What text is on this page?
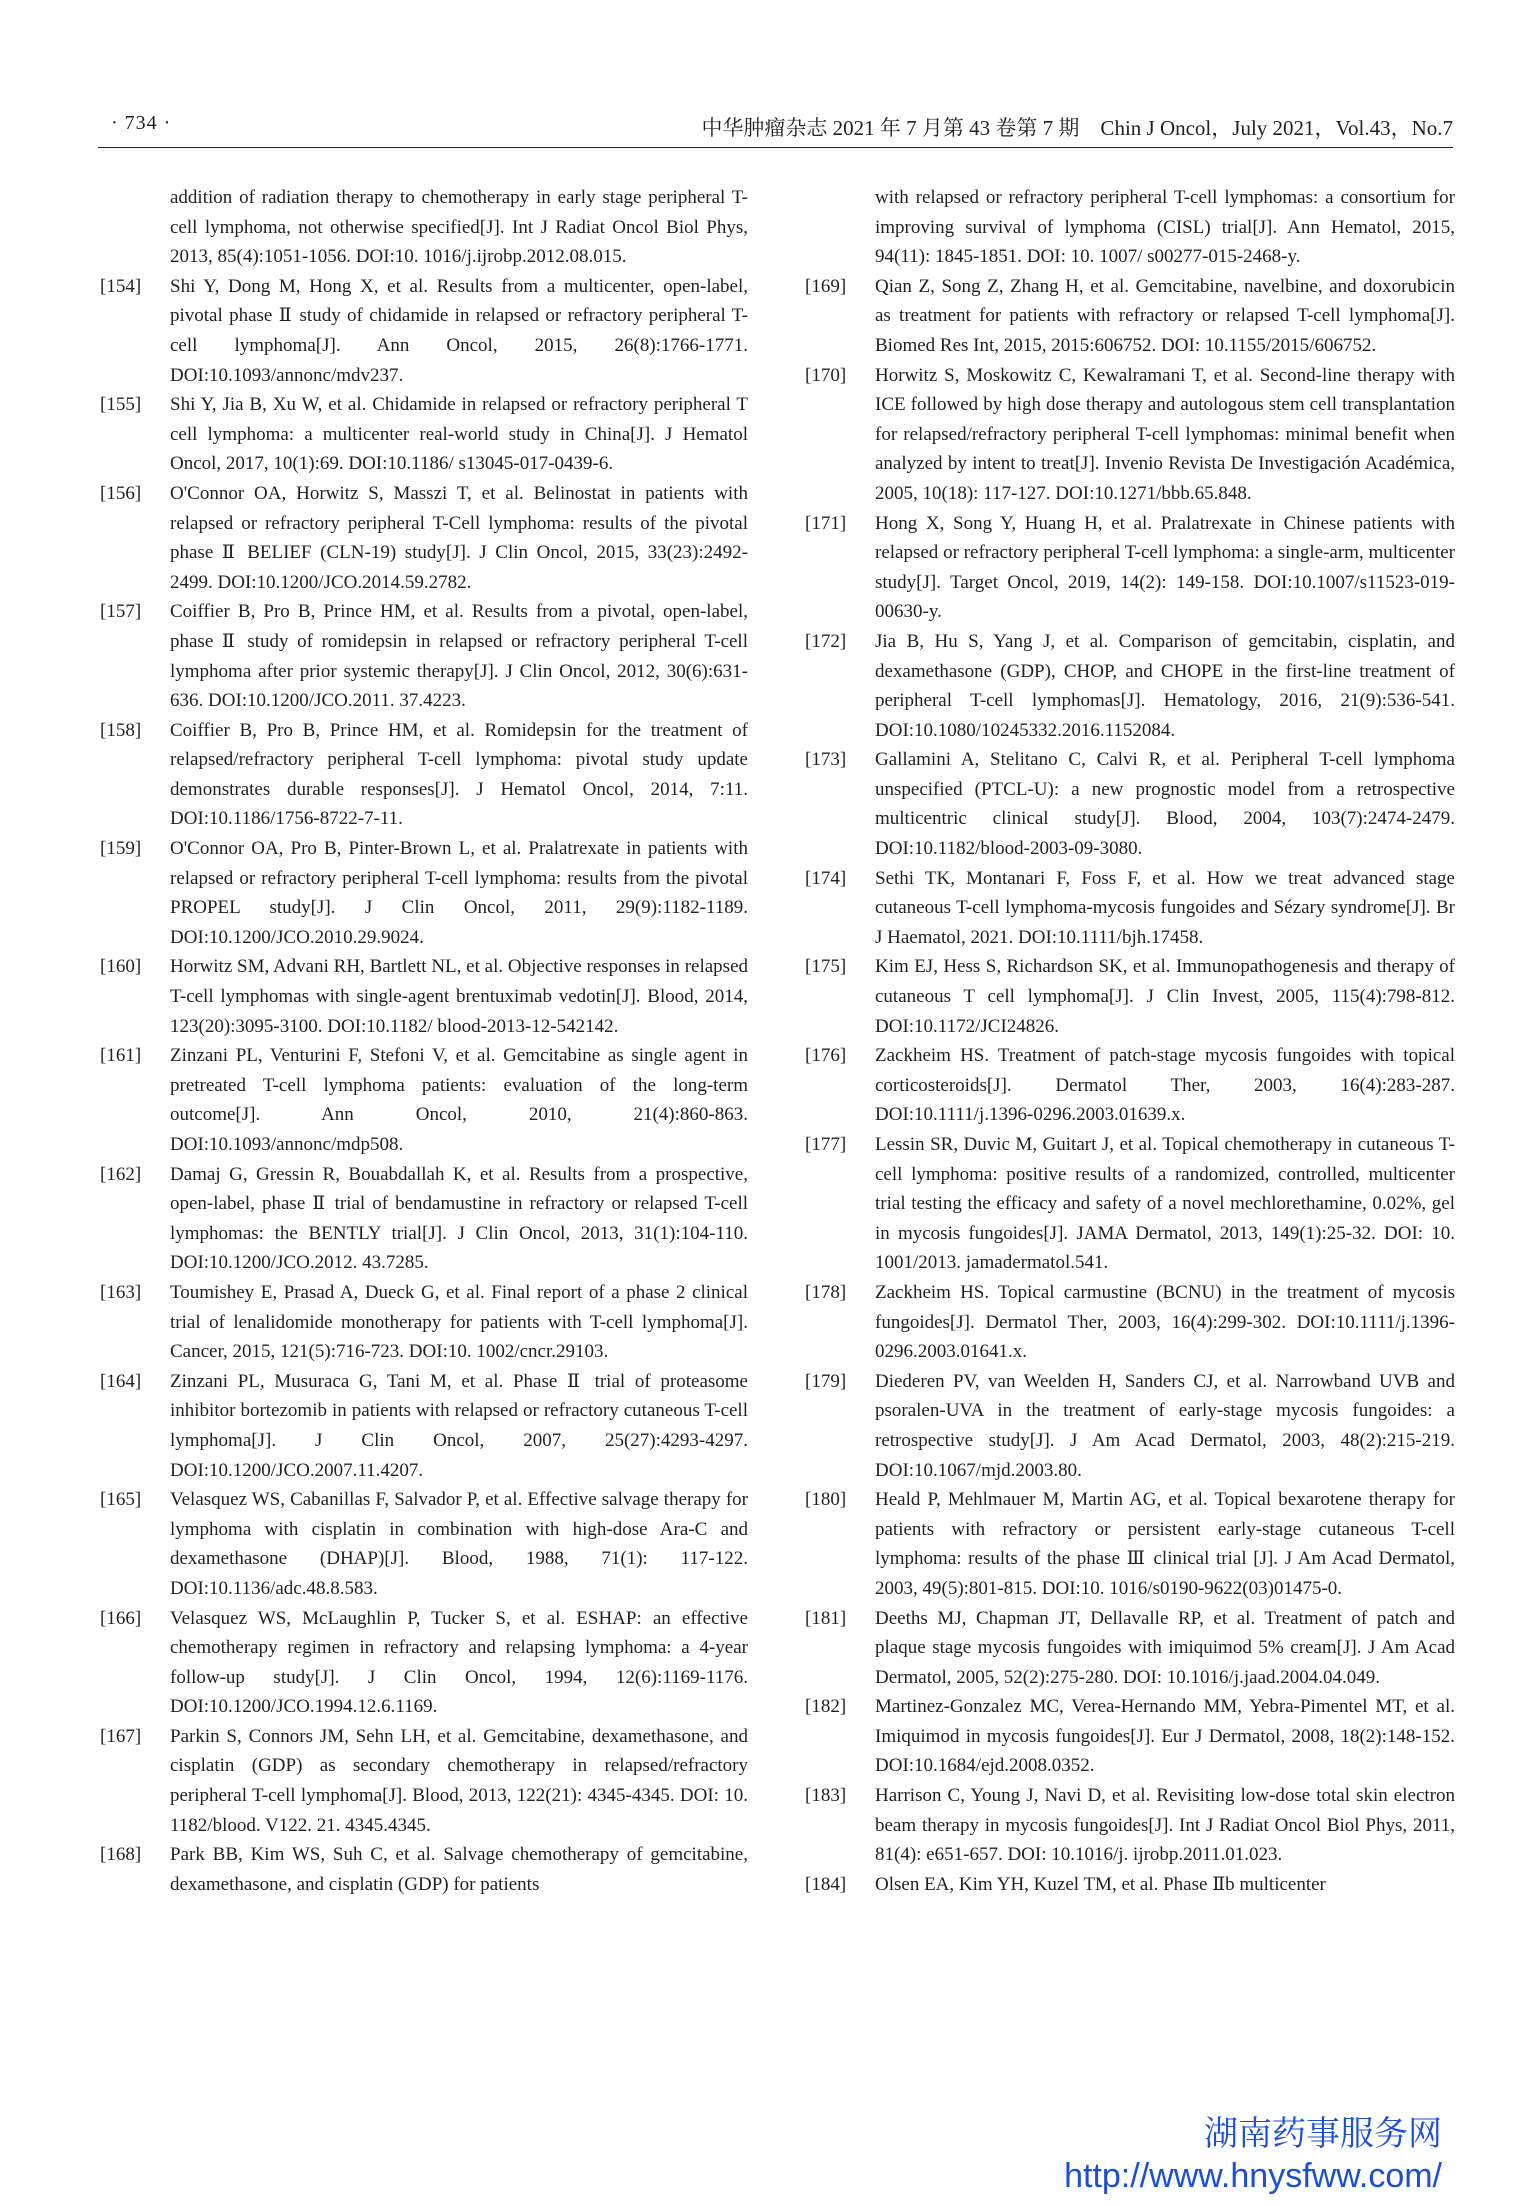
· 734 ·	中华肿瘤杂志 2021 年 7 月第 43 卷第 7 期　Chin J Oncol，July 2021，Vol.43，No.7
addition of radiation therapy to chemotherapy in early stage peripheral T-cell lymphoma, not otherwise specified[J]. Int J Radiat Oncol Biol Phys, 2013, 85(4):1051-1056. DOI:10. 1016/j.ijrobp.2012.08.015.
[154]	Shi Y, Dong M, Hong X, et al. Results from a multicenter, open-label, pivotal phase Ⅱ study of chidamide in relapsed or refractory peripheral T-cell lymphoma[J]. Ann Oncol, 2015, 26(8):1766-1771. DOI:10.1093/annonc/mdv237.
[155]	Shi Y, Jia B, Xu W, et al. Chidamide in relapsed or refractory peripheral T cell lymphoma: a multicenter real-world study in China[J]. J Hematol Oncol, 2017, 10(1):69. DOI:10.1186/ s13045-017-0439-6.
[156]	O'Connor OA, Horwitz S, Masszi T, et al. Belinostat in patients with relapsed or refractory peripheral T-Cell lymphoma: results of the pivotal phase Ⅱ BELIEF (CLN-19) study[J]. J Clin Oncol, 2015, 33(23):2492-2499. DOI:10.1200/JCO.2014.59.2782.
[157]	Coiffier B, Pro B, Prince HM, et al. Results from a pivotal, open-label, phase Ⅱ study of romidepsin in relapsed or refractory peripheral T-cell lymphoma after prior systemic therapy[J]. J Clin Oncol, 2012, 30(6):631-636. DOI:10.1200/JCO.2011. 37.4223.
[158]	Coiffier B, Pro B, Prince HM, et al. Romidepsin for the treatment of relapsed/refractory peripheral T-cell lymphoma: pivotal study update demonstrates durable responses[J]. J Hematol Oncol, 2014, 7:11. DOI:10.1186/1756-8722-7-11.
[159]	O'Connor OA, Pro B, Pinter-Brown L, et al. Pralatrexate in patients with relapsed or refractory peripheral T-cell lymphoma: results from the pivotal PROPEL study[J]. J Clin Oncol, 2011, 29(9):1182-1189. DOI:10.1200/JCO.2010.29.9024.
[160]	Horwitz SM, Advani RH, Bartlett NL, et al. Objective responses in relapsed T-cell lymphomas with single-agent brentuximab vedotin[J]. Blood, 2014, 123(20):3095-3100. DOI:10.1182/ blood-2013-12-542142.
[161]	Zinzani PL, Venturini F, Stefoni V, et al. Gemcitabine as single agent in pretreated T-cell lymphoma patients: evaluation of the long-term outcome[J]. Ann Oncol, 2010, 21(4):860-863. DOI:10.1093/annonc/mdp508.
[162]	Damaj G, Gressin R, Bouabdallah K, et al. Results from a prospective, open-label, phase Ⅱ trial of bendamustine in refractory or relapsed T-cell lymphomas: the BENTLY trial[J]. J Clin Oncol, 2013, 31(1):104-110. DOI:10.1200/JCO.2012. 43.7285.
[163]	Toumishey E, Prasad A, Dueck G, et al. Final report of a phase 2 clinical trial of lenalidomide monotherapy for patients with T-cell lymphoma[J]. Cancer, 2015, 121(5):716-723. DOI:10. 1002/cncr.29103.
[164]	Zinzani PL, Musuraca G, Tani M, et al. Phase Ⅱ trial of proteasome inhibitor bortezomib in patients with relapsed or refractory cutaneous T-cell lymphoma[J]. J Clin Oncol, 2007, 25(27):4293-4297. DOI:10.1200/JCO.2007.11.4207.
[165]	Velasquez WS, Cabanillas F, Salvador P, et al. Effective salvage therapy for lymphoma with cisplatin in combination with high-dose Ara-C and dexamethasone (DHAP)[J]. Blood, 1988, 71(1): 117-122. DOI:10.1136/adc.48.8.583.
[166]	Velasquez WS, McLaughlin P, Tucker S, et al. ESHAP: an effective chemotherapy regimen in refractory and relapsing lymphoma: a 4-year follow-up study[J]. J Clin Oncol, 1994, 12(6):1169-1176. DOI:10.1200/JCO.1994.12.6.1169.
[167]	Parkin S, Connors JM, Sehn LH, et al. Gemcitabine, dexamethasone, and cisplatin (GDP) as secondary chemotherapy in relapsed/refractory peripheral T-cell lymphoma[J]. Blood, 2013, 122(21): 4345-4345. DOI: 10. 1182/blood. V122. 21. 4345.4345.
[168]	Park BB, Kim WS, Suh C, et al. Salvage chemotherapy of gemcitabine, dexamethasone, and cisplatin (GDP) for patients
with relapsed or refractory peripheral T-cell lymphomas: a consortium for improving survival of lymphoma (CISL) trial[J]. Ann Hematol, 2015, 94(11): 1845-1851. DOI: 10. 1007/ s00277-015-2468-y.
[169]	Qian Z, Song Z, Zhang H, et al. Gemcitabine, navelbine, and doxorubicin as treatment for patients with refractory or relapsed T-cell lymphoma[J]. Biomed Res Int, 2015, 2015:606752. DOI: 10.1155/2015/606752.
[170]	Horwitz S, Moskowitz C, Kewalramani T, et al. Second-line therapy with ICE followed by high dose therapy and autologous stem cell transplantation for relapsed/refractory peripheral T-cell lymphomas: minimal benefit when analyzed by intent to treat[J]. Invenio Revista De Investigación Académica, 2005, 10(18): 117-127. DOI:10.1271/bbb.65.848.
[171]	Hong X, Song Y, Huang H, et al. Pralatrexate in Chinese patients with relapsed or refractory peripheral T-cell lymphoma: a single-arm, multicenter study[J]. Target Oncol, 2019, 14(2): 149-158. DOI:10.1007/s11523-019-00630-y.
[172]	Jia B, Hu S, Yang J, et al. Comparison of gemcitabin, cisplatin, and dexamethasone (GDP), CHOP, and CHOPE in the first-line treatment of peripheral T-cell lymphomas[J]. Hematology, 2016, 21(9):536-541. DOI:10.1080/10245332.2016.1152084.
[173]	Gallamini A, Stelitano C, Calvi R, et al. Peripheral T-cell lymphoma unspecified (PTCL-U): a new prognostic model from a retrospective multicentric clinical study[J]. Blood, 2004, 103(7):2474-2479. DOI:10.1182/blood-2003-09-3080.
[174]	Sethi TK, Montanari F, Foss F, et al. How we treat advanced stage cutaneous T-cell lymphoma-mycosis fungoides and Sézary syndrome[J]. Br J Haematol, 2021. DOI:10.1111/bjh.17458.
[175]	Kim EJ, Hess S, Richardson SK, et al. Immunopathogenesis and therapy of cutaneous T cell lymphoma[J]. J Clin Invest, 2005, 115(4):798-812. DOI:10.1172/JCI24826.
[176]	Zackheim HS. Treatment of patch-stage mycosis fungoides with topical corticosteroids[J]. Dermatol Ther, 2003, 16(4):283-287. DOI:10.1111/j.1396-0296.2003.01639.x.
[177]	Lessin SR, Duvic M, Guitart J, et al. Topical chemotherapy in cutaneous T-cell lymphoma: positive results of a randomized, controlled, multicenter trial testing the efficacy and safety of a novel mechlorethamine, 0.02%, gel in mycosis fungoides[J]. JAMA Dermatol, 2013, 149(1):25-32. DOI: 10. 1001/2013. jamadermatol.541.
[178]	Zackheim HS. Topical carmustine (BCNU) in the treatment of mycosis fungoides[J]. Dermatol Ther, 2003, 16(4):299-302. DOI:10.1111/j.1396-0296.2003.01641.x.
[179]	Diederen PV, van Weelden H, Sanders CJ, et al. Narrowband UVB and psoralen-UVA in the treatment of early-stage mycosis fungoides: a retrospective study[J]. J Am Acad Dermatol, 2003, 48(2):215-219. DOI:10.1067/mjd.2003.80.
[180]	Heald P, Mehlmauer M, Martin AG, et al. Topical bexarotene therapy for patients with refractory or persistent early-stage cutaneous T-cell lymphoma: results of the phase Ⅲ clinical trial [J]. J Am Acad Dermatol, 2003, 49(5):801-815. DOI:10. 1016/s0190-9622(03)01475-0.
[181]	Deeths MJ, Chapman JT, Dellavalle RP, et al. Treatment of patch and plaque stage mycosis fungoides with imiquimod 5% cream[J]. J Am Acad Dermatol, 2005, 52(2):275-280. DOI: 10.1016/j.jaad.2004.04.049.
[182]	Martinez-Gonzalez MC, Verea-Hernando MM, Yebra-Pimentel MT, et al. Imiquimod in mycosis fungoides[J]. Eur J Dermatol, 2008, 18(2):148-152. DOI:10.1684/ejd.2008.0352.
[183]	Harrison C, Young J, Navi D, et al. Revisiting low-dose total skin electron beam therapy in mycosis fungoides[J]. Int J Radiat Oncol Biol Phys, 2011, 81(4): e651-657. DOI: 10.1016/j. ijrobp.2011.01.023.
[184]	Olsen EA, Kim YH, Kuzel TM, et al. Phase Ⅱb multicenter
湖南药事服务网
http://www.hnysfww.com/
